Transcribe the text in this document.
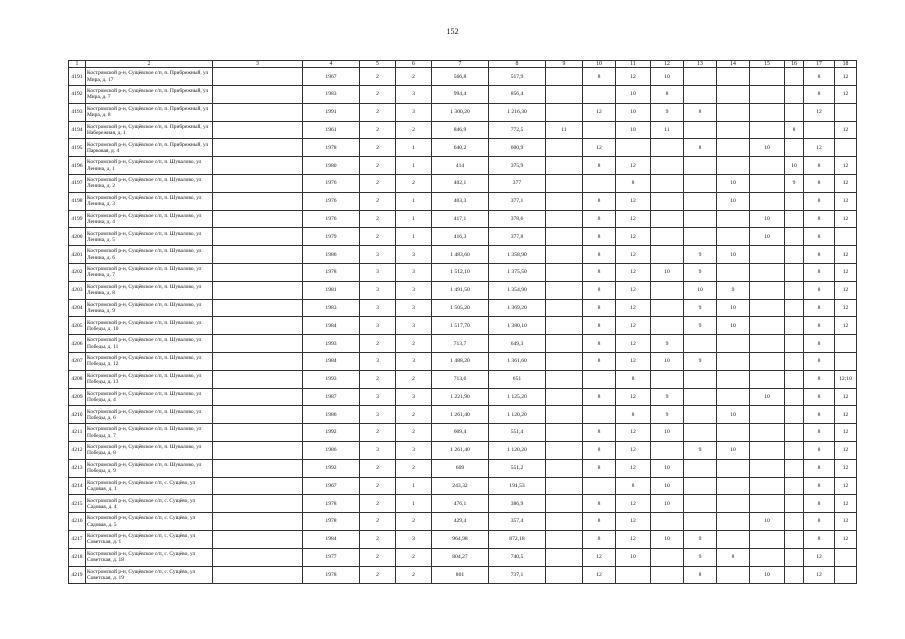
152
1	2	3	4	5	6	7	8	9	10	11	12	13	14	15	16	17	18
4191	Костромской р-н, Сущёвское с/п, п. Прибрежный, ул Мира, д. 17		1967	2	2	566,8	517,9		8	12	10					8	12
4192	Костромской р-н, Сущёвское с/п, п. Прибрежный, ул Мира, д. 7		1983	2	3	994,4	856,4			10	8					8	12
4193	Костромской р-н, Сущёвское с/п, п. Прибрежный, ул Мира, д. 8		1991	2	3	1 300,20	1 216,30		12	10	9	8				12	
4194	Костромской р-н, Сущёвское с/п, п. Прибрежный, ул Набережная, д. 1		1961	2	2	846,9	772,5	11		10	11				8		12
4195	Костромской р-н, Сущёвское с/п, п. Прибрежный, ул Парковая, д. 4		1978	2	1	640,2	600,9		12			8		10		12	
4196	Костромской р-н, Сущёвское с/п, п. Шувалово, ул Ленина, д. 1		1980	2	1	414	375,9		8	12					10	8	12
4197	Костромской р-н, Сущёвское с/п, п. Шувалово, ул Ленина, д. 2		1976	2	2	402,1	377			8			10		9	8	12
4198	Костромской р-н, Сущёвское с/п, п. Шувалово, ул Ленина, д. 3		1976	2	1	403,3	377,1		8	12			10			8	12
4199	Костромской р-н, Сущёвское с/п, п. Шувалово, ул Ленина, д. 4		1976	2	1	417,1	378,6		8	12				10		8	12
4200	Костромской р-н, Сущёвское с/п, п. Шувалово, ул Ленина, д. 5		1979	2	1	416,3	377,8		8	12				10		8	
4201	Костромской р-н, Сущёвское с/п, п. Шувалово, ул Ленина, д. 6		1986	3	3	1 483,60	1 358,90		8	12		9	10			8	12
4202	Костромской р-н, Сущёвское с/п, п. Шувалово, ул Ленина, д. 7		1978	3	3	1 512,10	1 375,50		8	12	10	9				8	12
4203	Костромской р-н, Сущёвское с/п, п. Шувалово, ул Ленина, д. 8		1981	3	3	1 491,50	1 354,90		8	12		10	9			8	12
4204	Костромской р-н, Сущёвское с/п, п. Шувалово, ул Ленина, д. 9		1983	3	3	1 505,20	1 369,20		8	12		9	10			8	12
4205	Костромской р-н, Сущёвское с/п, п. Шувалово, ул Победы, д. 10		1984	3	3	1 517,70	1 380,10		8	12		9	10			8	12
4206	Костромской р-н, Сущёвское с/п, п. Шувалово, ул Победы, д. 11		1993	2	2	713,7	649,3		8	12	9					8	
4207	Костромской р-н, Сущёвское с/п, п. Шувалово, ул Победы, д. 12		1984	3	3	1 488,20	1 361,60		8	12	10	9				8	
4208	Костромской р-н, Сущёвское с/п, п. Шувалово, ул Победы, д. 13		1993	2	2	713,6	651			8						8	12;10
4209	Костромской р-н, Сущёвское с/п, п. Шувалово, ул Победы, д. 4		1987	3	3	1 221,90	1 125,20		8	12	9			10		8	12
4210	Костромской р-н, Сущёвское с/п, п. Шувалово, ул Победы, д. 6		1986	3	2	1 261,40	1 120,20			8	9		10			8	12
4211	Костромской р-н, Сущёвское с/п, п. Шувалово, ул Победы, д. 7		1992	2	2	609,4	551,4		8	12	10					8	12
4212	Костромской р-н, Сущёвское с/п, п. Шувалово, ул Победы, д. 8		1986	3	3	1 261,40	1 120,20		8	12		9	10			8	12
4213	Костромской р-н, Сущёвское с/п, п. Шувалово, ул Победы, д. 9		1992	2	2	609	551,2		8	12	10					8	12
4214	Костромской р-н, Сущёвское с/п, с. Сущёво, ул Садовая, д. 1		1967	2	1	243,32	191,53			8	10					8	12
4215	Костромской р-н, Сущёвское с/п, с. Сущёво, ул Садовая, д. 4		1978	2	1	476,1	386,9		8	12	10					8	12
4216	Костромской р-н, Сущёвское с/п, с. Сущёво, ул Садовая, д. 5		1978	2	2	429,4	357,4		8	12				10		8	12
4217	Костромской р-н, Сущёвское с/п, с. Сущёво, ул Советская, д. 1		1984	2	3	964,98	872,18		8	12	10	9				8	12
4218	Костромской р-н, Сущёвское с/п, с. Сущёво, ул Советская, д. 18		1977	2	2	804,27	740,5		12	10		9	8			12	
4219	Костромской р-н, Сущёвское с/п, с. Сущёво, ул Советская, д. 19		1978	2	2	801	737,1		12			8		10		12	
